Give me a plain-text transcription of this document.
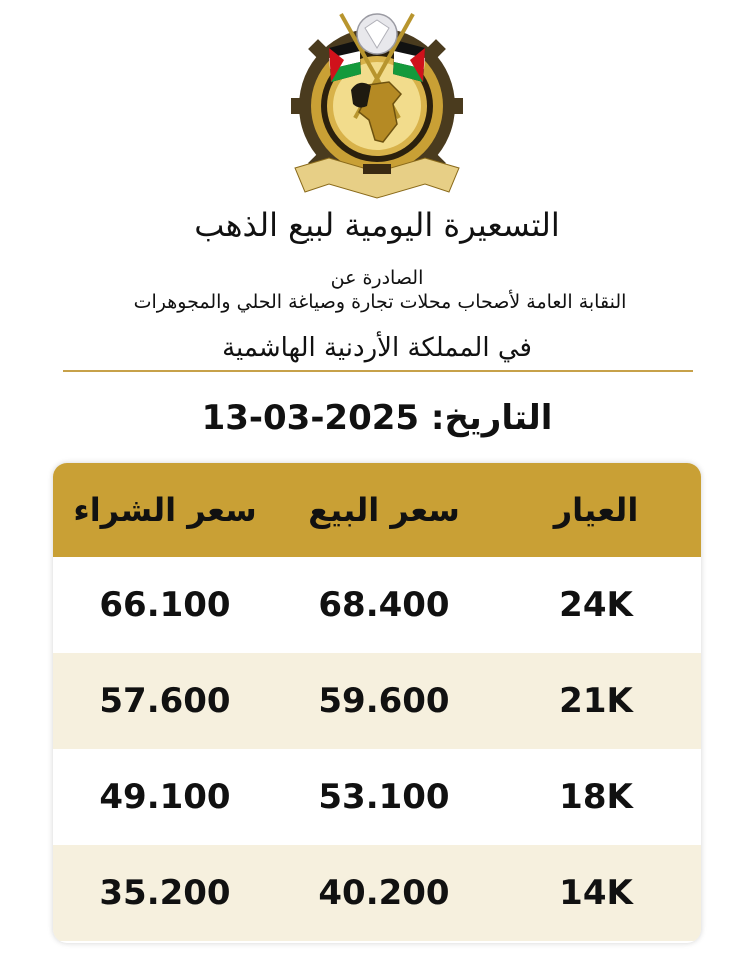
التسعيرة اليومية لبيع الذهب
الصادرة عن
النقابة العامة لأصحاب محلات تجارة وصياغة الحلي والمجوهرات
في المملكة الأردنية الهاشمية
13-03-2025 التاريخ:
العيار
سعر البيع
سعر الشراء
24K
68.400
66.100
21K
59.600
57.600
18K
53.100
49.100
14K
40.200
35.200
